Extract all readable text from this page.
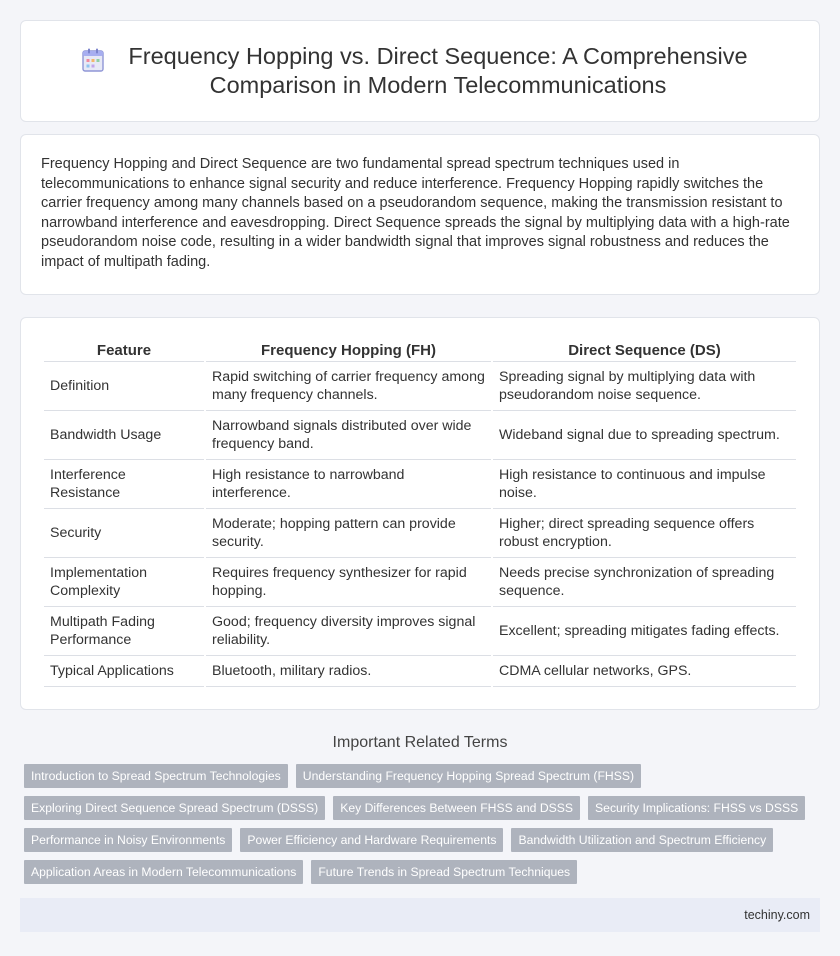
Frequency Hopping vs. Direct Sequence: A Comprehensive Comparison in Modern Telecommunications

Frequency Hopping and Direct Sequence are two fundamental spread spectrum techniques used in telecommunications to enhance signal security and reduce interference. Frequency Hopping rapidly switches the carrier frequency among many channels based on a pseudorandom sequence, making the transmission resistant to narrowband interference and eavesdropping. Direct Sequence spreads the signal by multiplying data with a high-rate pseudorandom noise code, resulting in a wider bandwidth signal that improves signal robustness and reduces the impact of multipath fading.

Feature	Frequency Hopping (FH)	Direct Sequence (DS)
Definition	Rapid switching of carrier frequency among many frequency channels.	Spreading signal by multiplying data with pseudorandom noise sequence.
Bandwidth Usage	Narrowband signals distributed over wide frequency band.	Wideband signal due to spreading spectrum.
Interference Resistance	High resistance to narrowband interference.	High resistance to continuous and impulse noise.
Security	Moderate; hopping pattern can provide security.	Higher; direct spreading sequence offers robust encryption.
Implementation Complexity	Requires frequency synthesizer for rapid hopping.	Needs precise synchronization of spreading sequence.
Multipath Fading Performance	Good; frequency diversity improves signal reliability.	Excellent; spreading mitigates fading effects.
Typical Applications	Bluetooth, military radios.	CDMA cellular networks, GPS.
Important Related Terms
Introduction to Spread Spectrum Technologies	Understanding Frequency Hopping Spread Spectrum (FHSS)
Exploring Direct Sequence Spread Spectrum (DSSS)	Key Differences Between FHSS and DSSS	Security Implications: FHSS vs DSSS
Performance in Noisy Environments	Power Efficiency and Hardware Requirements	Bandwidth Utilization and Spectrum Efficiency
Application Areas in Modern Telecommunications	Future Trends in Spread Spectrum Techniques
techiny.com
